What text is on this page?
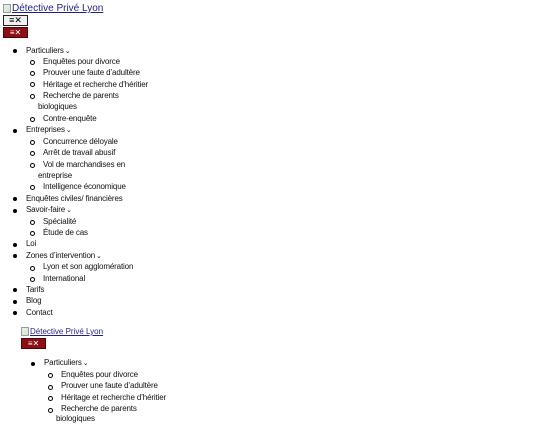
Détective Privé Lyon
≡✕
≡✕
Particuliers⌄
Enquêtes pour divorce
Prouver une faute d’adultère
Héritage et recherche d’héritier
Recherche de parents
biologiques
Contre-enquête
Entreprises⌄
Concurrence déloyale
Arrêt de travail abusif
Vol de marchandises en
entreprise
Intelligence économique
Enquêtes civiles/ financières
Savoir-faire⌄
Spécialité
Étude de cas
Loi
Zones d’intervention⌄
Lyon et son agglomération
International
Tarifs
Blog
Contact
Détective Privé Lyon
≡✕
Particuliers⌄
Enquêtes pour divorce
Prouver une faute d’adultère
Héritage et recherche d’héritier
Recherche de parents
biologiques
